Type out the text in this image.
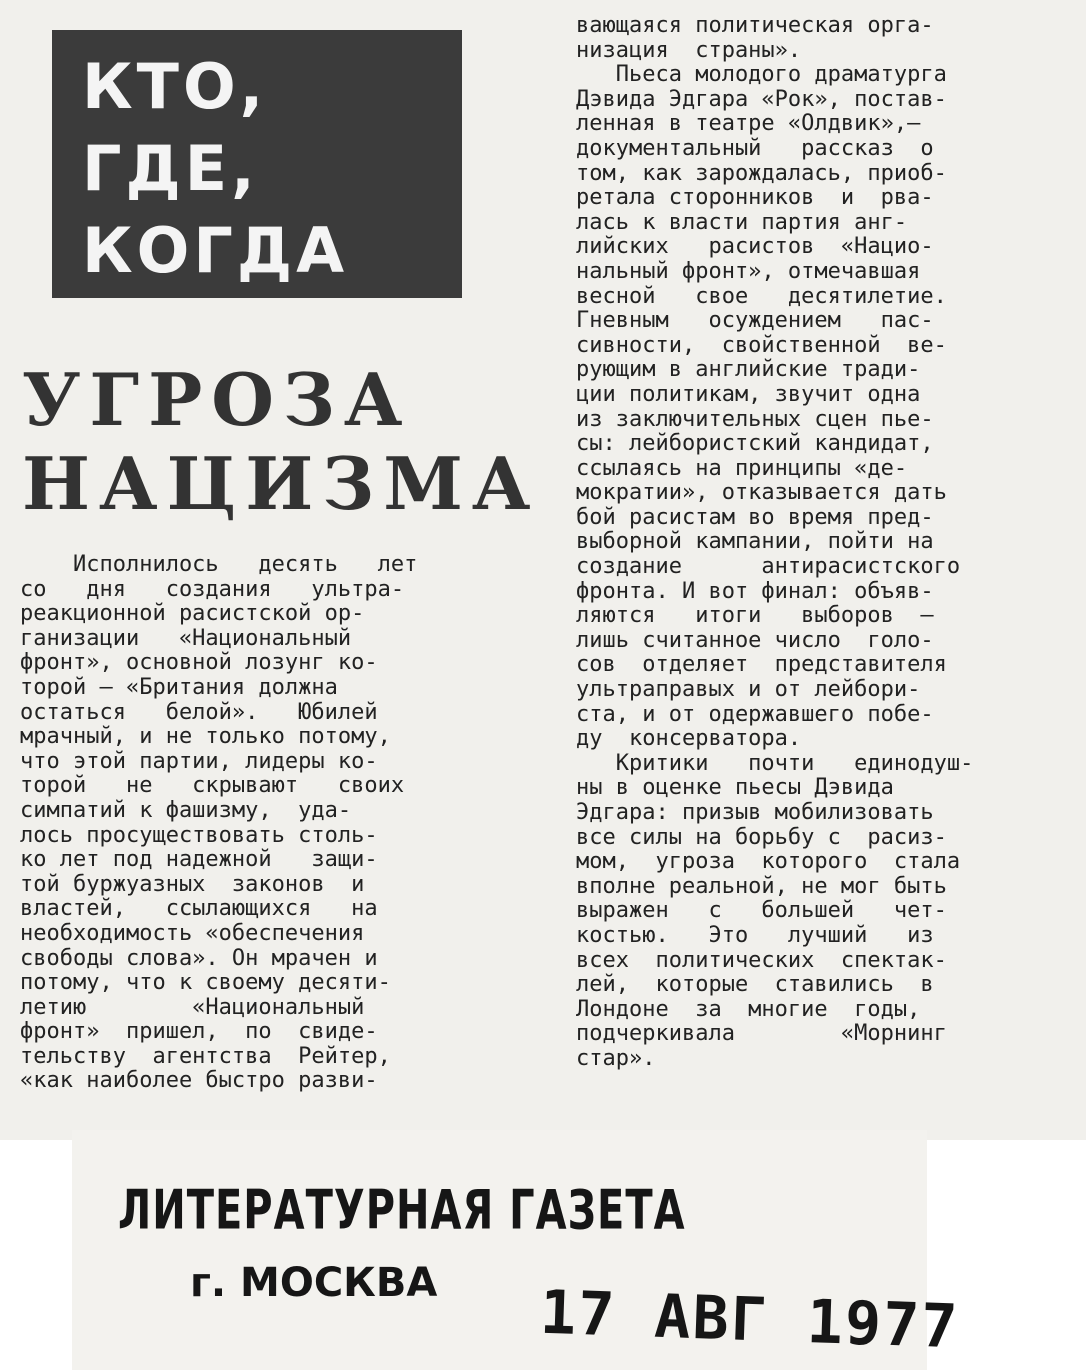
КТО,
ГДЕ,
КОГДА
УГРОЗА
НАЦИЗМА
Исполнилось   десять   лет
со   дня   создания   ультра-
реакционной расистской ор-
ганизации   «Национальный
фронт», основной лозунг ко-
торой — «Британия должна
остаться   белой».   Юбилей
мрачный, и не только потому,
что этой партии, лидеры ко-
торой   не   скрывают   своих
симпатий к фашизму,  уда-
лось просуществовать столь-
ко лет под надежной   защи-
той буржуазных  законов  и
властей,   ссылающихся   на
необходимость «обеспечения
свободы слова». Он мрачен и
потому, что к своему десяти-
летию        «Национальный
фронт»  пришел,  по  свиде-
тельству  агентства  Рейтер,
«как наиболее быстро разви-
вающаяся политическая орга-
низация  страны».
Пьеса молодого драматурга
Дэвида Эдгара «Рок», постав-
ленная в театре «Олдвик»,—
документальный   рассказ  о
том, как зарождалась, приоб-
ретала сторонников  и  рва-
лась к власти партия анг-
лийских   расистов  «Нацио-
нальный фронт», отмечавшая
весной   свое   десятилетие.
Гневным   осуждением   пас-
сивности,  свойственной  ве-
рующим в английские тради-
ции политикам, звучит одна
из заключительных сцен пье-
сы: лейбористский кандидат,
ссылаясь на принципы «де-
мократии», отказывается дать
бой расистам во время пред-
выборной кампании, пойти на
создание      антирасистского
фронта. И вот финал: объяв-
ляются   итоги   выборов  —
лишь считанное число  голо-
сов  отделяет  представителя
ультраправых и от лейбори-
ста, и от одержавшего побе-
ду  консерватора.
Критики   почти   единодуш-
ны в оценке пьесы Дэвида
Эдгара: призыв мобилизовать
все силы на борьбу с  расиз-
мом,  угроза  которого  стала
вполне реальной, не мог быть
выражен   с   большей   чет-
костью.   Это   лучший   из
всех  политических  спектак-
лей,  которые  ставились  в
Лондоне  за  многие  годы,
подчеркивала        «Морнинг
стар».
ЛИТЕРАТУРНАЯ ГАЗЕТА
г. МОСКВА 17 АВГ 1977
